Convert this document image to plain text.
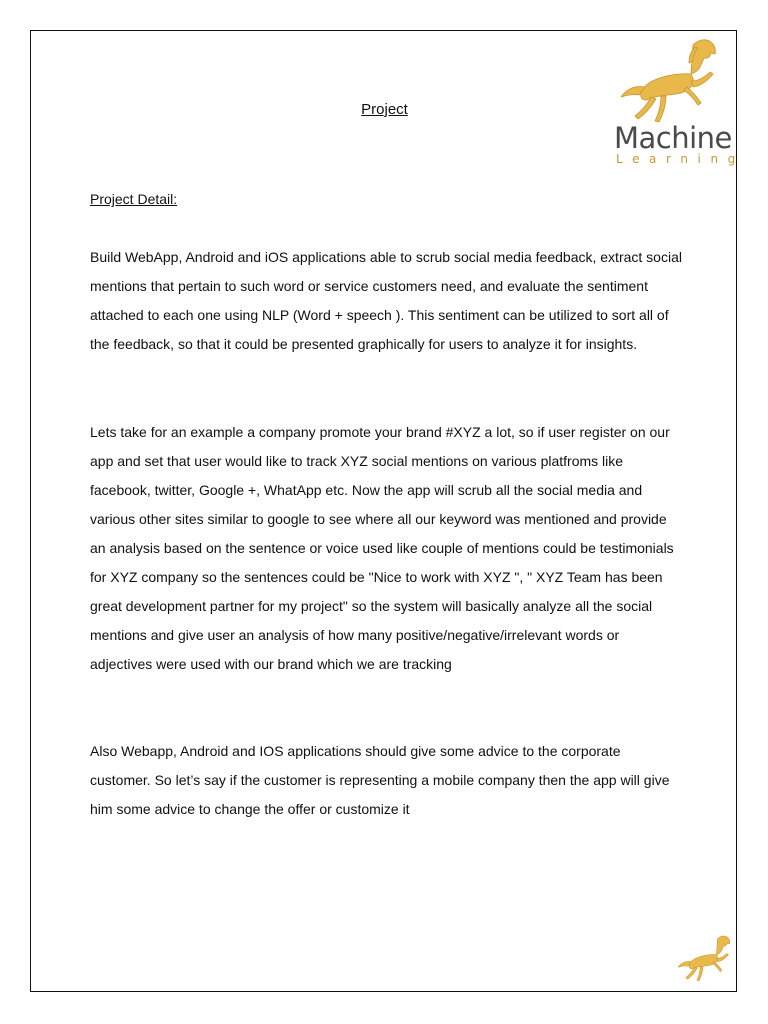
Machine
Learning
Project
Project Detail:

Build WebApp, Android and iOS applications able to scrub social media feedback, extract social mentions that pertain to such word or service customers need, and evaluate the sentiment attached to each one using NLP (Word + speech ). This sentiment can be utilized to sort all of the feedback, so that it could be presented graphically for users to analyze it for insights.

Lets take for an example a company promote your brand #XYZ a lot, so if user register on our app and set that user would like to track XYZ social mentions on various platfroms like facebook, twitter, Google +, WhatApp etc. Now the app will scrub all the social media and various other sites similar to google to see where all our keyword was mentioned and provide an analysis based on the sentence or voice used like couple of mentions could be testimonials for XYZ company so the sentences could be "Nice to work with XYZ ", " XYZ Team has been great development partner for my project" so the system will basically analyze all the social mentions and give user an analysis of how many positive/negative/irrelevant words or adjectives were used with our brand which we are tracking

Also Webapp, Android and IOS applications should give some advice to the corporate customer. So let’s say if the customer is representing a mobile company then the app will give him some advice to change the offer or customize it
